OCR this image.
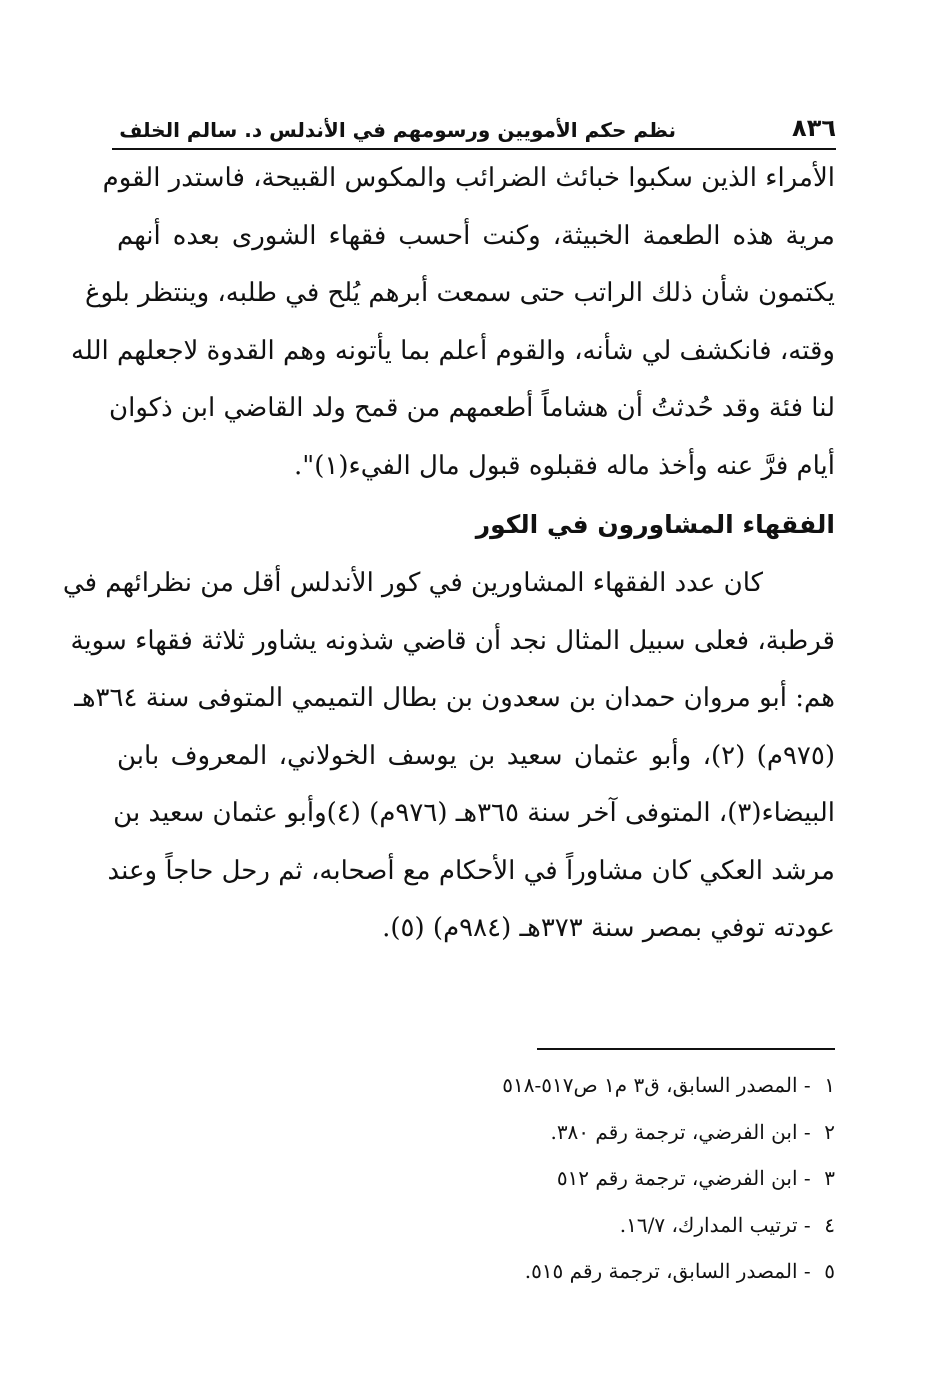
٨٣٦
نظم حكم الأمويين ورسومهم في الأندلس د. سالم الخلف
الأمراء الذين سكبوا خبائث الضرائب والمكوس القبيحة، فاستدر القوم
مرية هذه الطعمة الخبيثة، وكنت أحسب فقهاء الشورى بعده أنهم
يكتمون شأن ذلك الراتب حتى سمعت أبرهم يُلح في طلبه، وينتظر بلوغ
وقته، فانكشف لي شأنه، والقوم أعلم بما يأتونه وهم القدوة لاجعلهم الله
لنا فئة وقد حُدثتُ أن هشاماً أطعمهم من قمح ولد القاضي ابن ذكوان
أيام فرَّ عنه وأخذ ماله فقبلوه قبول مال الفيء(١)".
الفقهاء المشاورون في الكور
كان عدد الفقهاء المشاورين في كور الأندلس أقل من نظرائهم في
قرطبة، فعلى سبيل المثال نجد أن قاضي شذونه يشاور ثلاثة فقهاء سوية
هم: أبو مروان حمدان بن سعدون بن بطال التميمي المتوفى سنة ٣٦٤هـ
(٩٧٥م) (٢)، وأبو عثمان سعيد بن يوسف الخولاني، المعروف بابن
البيضاء(٣)، المتوفى آخر سنة ٣٦٥هـ (٩٧٦م) (٤)وأبو عثمان سعيد بن
مرشد العكي كان مشاوراً في الأحكام مع أصحابه، ثم رحل حاجاً وعند
عودته توفي بمصر سنة ٣٧٣هـ (٩٨٤م) (٥).
١ - المصدر السابق، ق٣ م١ ص٥١٧-٥١٨
٢ - ابن الفرضي، ترجمة رقم ٣٨٠.
٣ - ابن الفرضي، ترجمة رقم ٥١٢
٤ - ترتيب المدارك، ١٦/٧.
٥ - المصدر السابق، ترجمة رقم ٥١٥.
